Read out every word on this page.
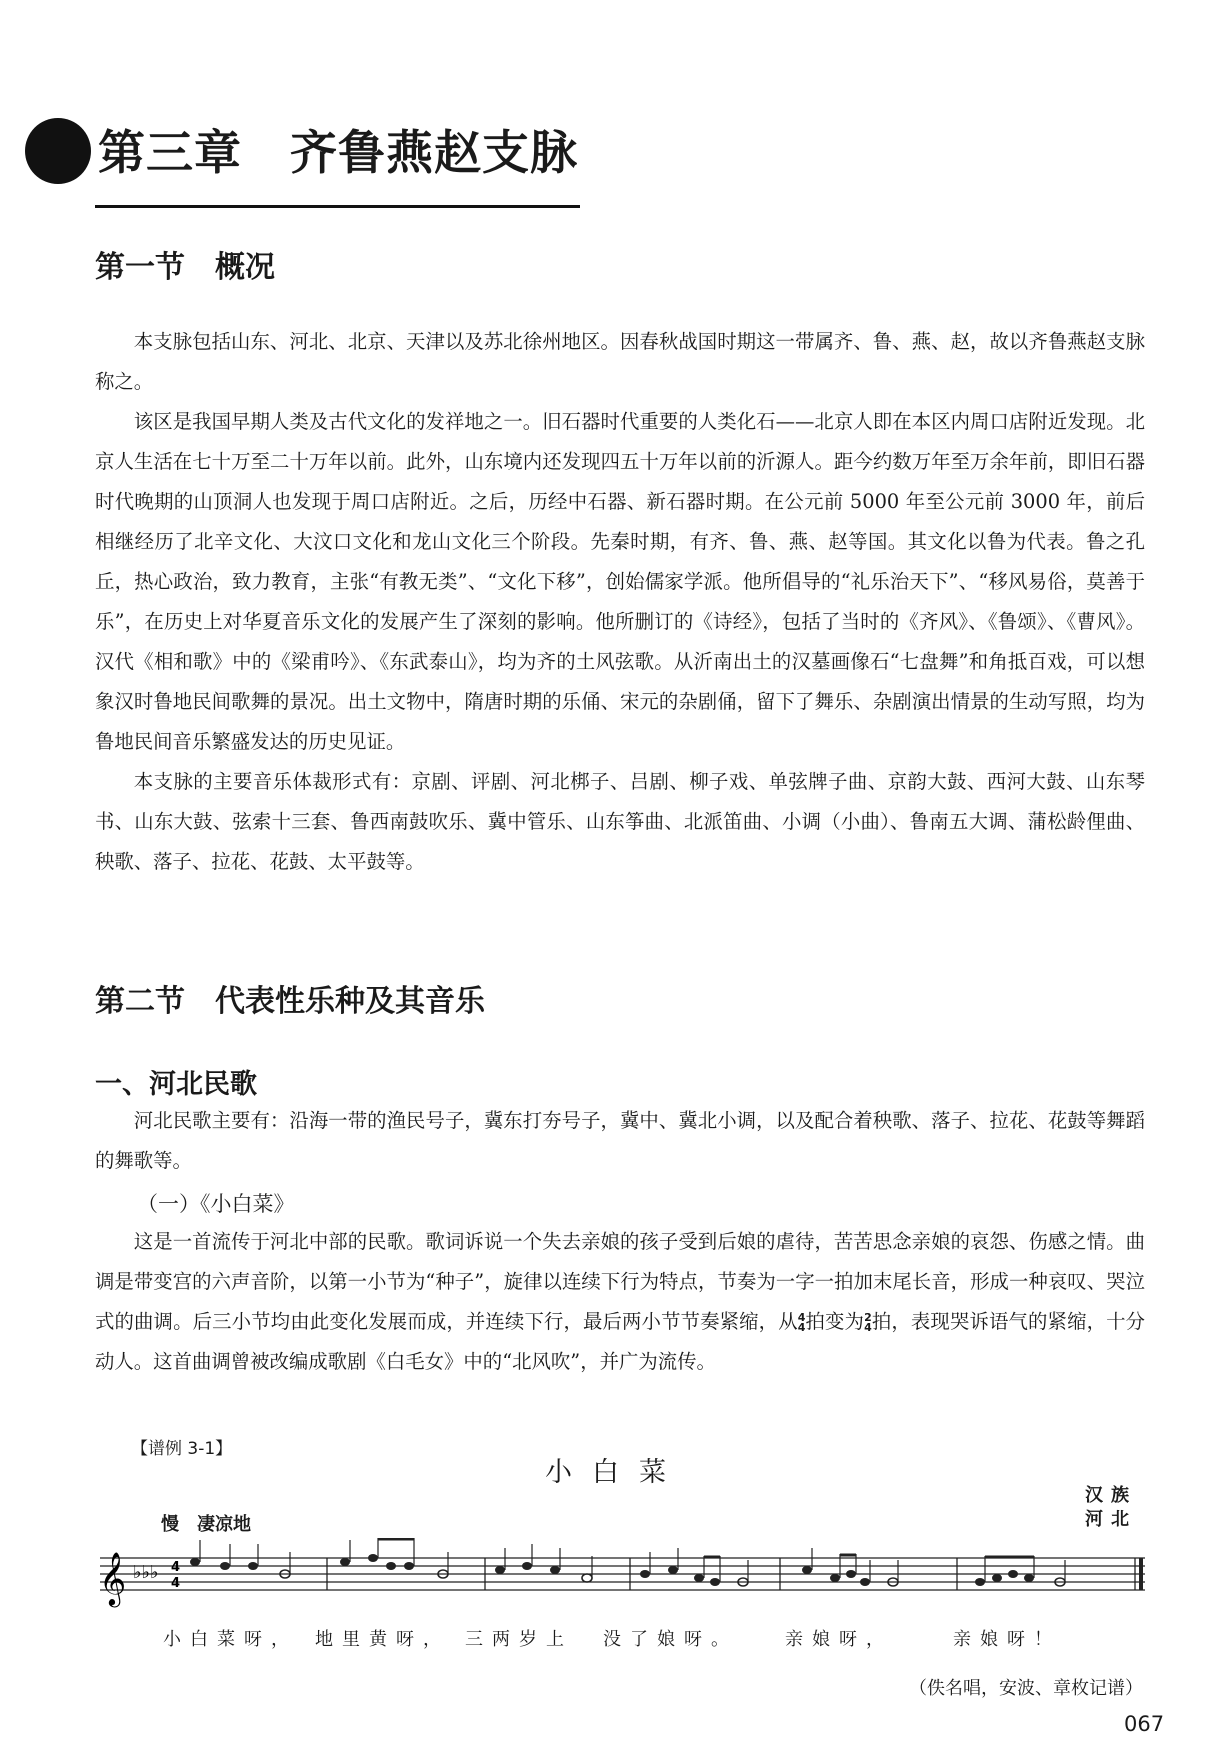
第三章　齐鲁燕赵支脉
第一节　概况

本支脉包括山东、河北、北京、天津以及苏北徐州地区。因春秋战国时期这一带属齐、鲁、燕、赵，故以齐鲁燕赵支脉称之。

该区是我国早期人类及古代文化的发祥地之一。旧石器时代重要的人类化石——北京人即在本区内周口店附近发现。北京人生活在七十万至二十万年以前。此外，山东境内还发现四五十万年以前的沂源人。距今约数万年至万余年前，即旧石器时代晚期的山顶洞人也发现于周口店附近。之后，历经中石器、新石器时期。在公元前 5000 年至公元前 3000 年，前后相继经历了北辛文化、大汶口文化和龙山文化三个阶段。先秦时期，有齐、鲁、燕、赵等国。其文化以鲁为代表。鲁之孔丘，热心政治，致力教育，主张“有教无类”、“文化下移”，创始儒家学派。他所倡导的“礼乐治天下”、“移风易俗，莫善于乐”，在历史上对华夏音乐文化的发展产生了深刻的影响。他所删订的《诗经》，包括了当时的《齐风》、《鲁颂》、《曹风》。汉代《相和歌》中的《梁甫吟》、《东武泰山》，均为齐的土风弦歌。从沂南出土的汉墓画像石“七盘舞”和角抵百戏，可以想象汉时鲁地民间歌舞的景况。出土文物中，隋唐时期的乐俑、宋元的杂剧俑，留下了舞乐、杂剧演出情景的生动写照，均为鲁地民间音乐繁盛发达的历史见证。

本支脉的主要音乐体裁形式有：京剧、评剧、河北梆子、吕剧、柳子戏、单弦牌子曲、京韵大鼓、西河大鼓、山东琴书、山东大鼓、弦索十三套、鲁西南鼓吹乐、冀中管乐、山东筝曲、北派笛曲、小调（小曲）、鲁南五大调、蒲松龄俚曲、秧歌、落子、拉花、花鼓、太平鼓等。

第二节　代表性乐种及其音乐
一、河北民歌

河北民歌主要有：沿海一带的渔民号子，冀东打夯号子，冀中、冀北小调，以及配合着秧歌、落子、拉花、花鼓等舞蹈的舞歌等。

（一）《小白菜》

这是一首流传于河北中部的民歌。歌词诉说一个失去亲娘的孩子受到后娘的虐待，苦苦思念亲娘的哀怨、伤感之情。曲调是带变宫的六声音阶，以第一小节为“种子”，旋律以连续下行为特点，节奏为一字一拍加末尾长音，形成一种哀叹、哭泣式的曲调。后三小节均由此变化发展而成，并连续下行，最后两小节节奏紧缩，从 4
4 拍变为 2
4 拍，表现哭诉语气的紧缩，十分动人。这首曲调曾被改编成歌剧《白毛女》中的“北风吹”，并广为流传。

【谱例 3-1】
小白菜
慢　凄凉地
汉族
河北
𝄞 ♭♭♭ 4
4
小白菜呀， 地里黄呀， 三两岁上 没了娘呀。	亲娘呀，	亲娘呀！
（佚名唱，安波、章枚记谱）
067
